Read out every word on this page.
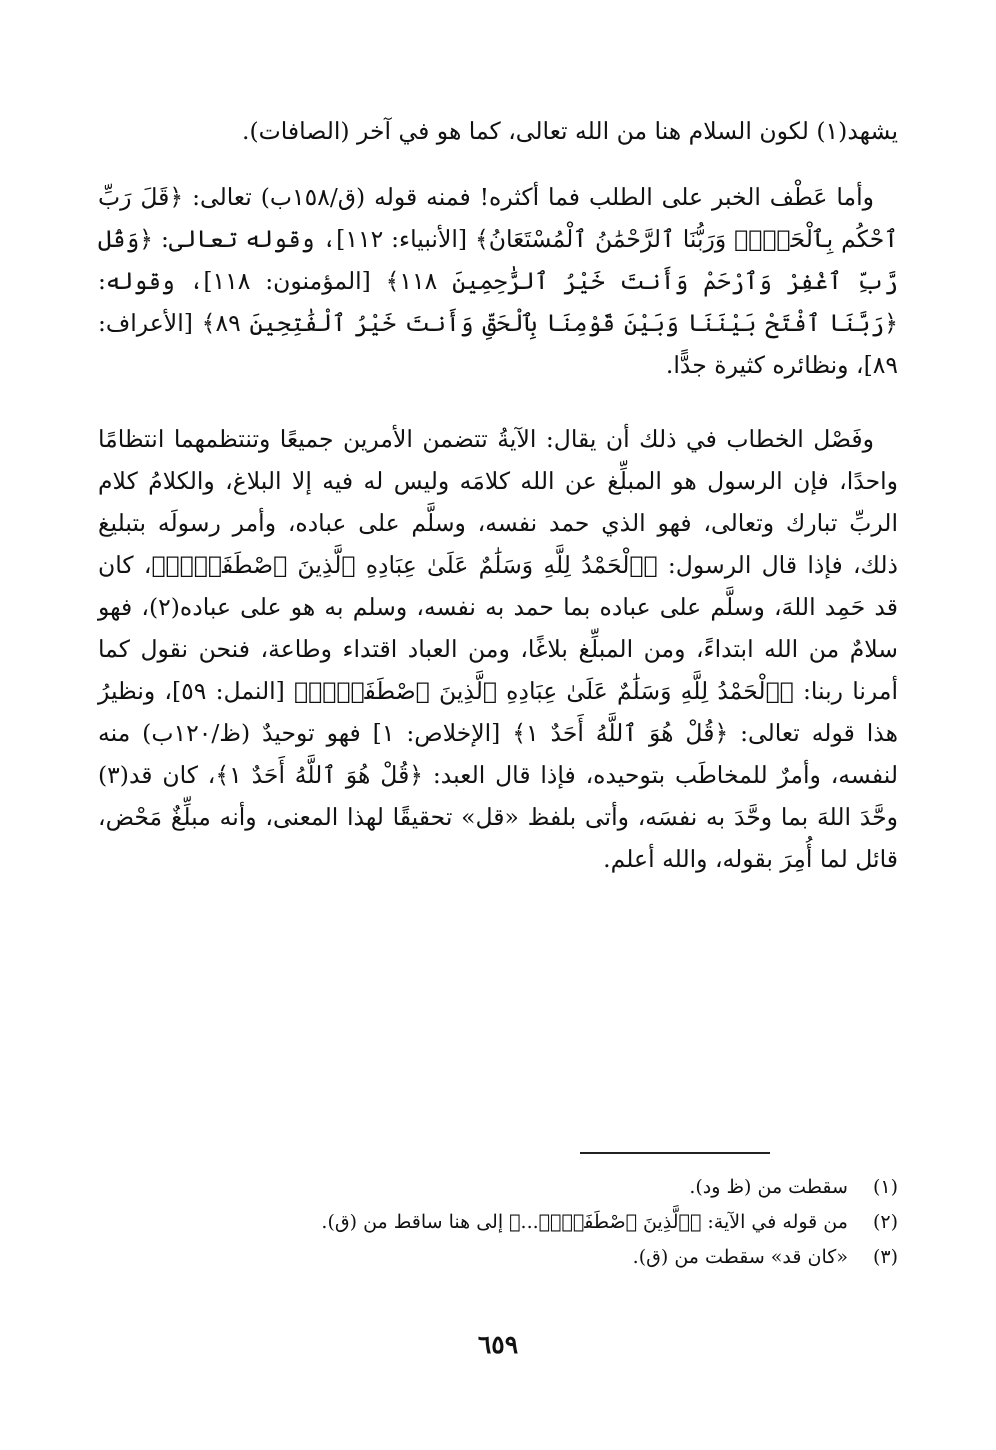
يشهد(١) لكون السلام هنا من الله تعالى، كما هو في آخر (الصافات).

وأما عَطْف الخبر على الطلب فما أكثره! فمنه قوله (ق/١٥٨ب) تعالى: ﴿قَلَ رَبِّ ٱحْكُم بِٱلْحَقِّۗ وَرَبُّنَا ٱلرَّحْمَٰنُ ٱلْمُسْتَعَانُ﴾ [الأنبياء: ١١٢]، وقوله تعالى: ﴿وَقُل رَّبِّ ٱغْفِرْ وَٱرْحَمْ وَأَنتَ خَيْرُ ٱلرَّٰحِمِينَ ١١٨﴾ [المؤمنون: ١١٨]، وقوله: ﴿رَبَّنَا ٱفْتَحْ بَيْنَنَا وَبَيْنَ قَوْمِنَا بِٱلْحَقِّ وَأَنتَ خَيْرُ ٱلْفَٰتِحِينَ ٨٩﴾ [الأعراف: ٨٩]، ونظائره كثيرة جدًّا.

وفَصْل الخطاب في ذلك أن يقال: الآيةُ تتضمن الأمرين جميعًا وتنتظمهما انتظامًا واحدًا، فإن الرسول هو المبلِّغ عن الله كلامَه وليس له فيه إلا البلاغ، والكلامُ كلام الربِّ تبارك وتعالى، فهو الذي حمد نفسه، وسلَّم على عباده، وأمر رسولَه بتبليغ ذلك، فإذا قال الرسول: ﴿ٱلْحَمْدُ لِلَّهِ وَسَلَٰمٌ عَلَىٰ عِبَادِهِ ٱلَّذِينَ ٱصْطَفَىٰٓۗ﴾، كان قد حَمِد اللهَ، وسلَّم على عباده بما حمد به نفسه، وسلم به هو على عباده(٢)، فهو سلامٌ من الله ابتداءً، ومن المبلِّغ بلاغًا، ومن العباد اقتداء وطاعة، فنحن نقول كما أمرنا ربنا: ﴿ٱلْحَمْدُ لِلَّهِ وَسَلَٰمٌ عَلَىٰ عِبَادِهِ ٱلَّذِينَ ٱصْطَفَىٰٓۗ﴾ [النمل: ٥٩]، ونظيرُ هذا قوله تعالى: ﴿قُلْ هُوَ ٱللَّهُ أَحَدٌ ١﴾ [الإخلاص: ١] فهو توحيدٌ (ظ/١٢٠ب) منه لنفسه، وأمرٌ للمخاطَب بتوحيده، فإذا قال العبد: ﴿قُلْ هُوَ ٱللَّهُ أَحَدٌ ١﴾، كان قد(٣) وحَّدَ اللهَ بما وحَّدَ به نفسَه، وأتى بلفظ «قل» تحقيقًا لهذا المعنى، وأنه مبلِّغٌ مَحْض، قائل لما أُمِرَ بقوله، والله أعلم.

(١) سقطت من (ظ ود).
(٢) من قوله في الآية: ﴿ٱلَّذِينَ ٱصْطَفَىٰٓۗ...﴾ إلى هنا ساقط من (ق).
(٣) «كان قد» سقطت من (ق).
٦٥٩
